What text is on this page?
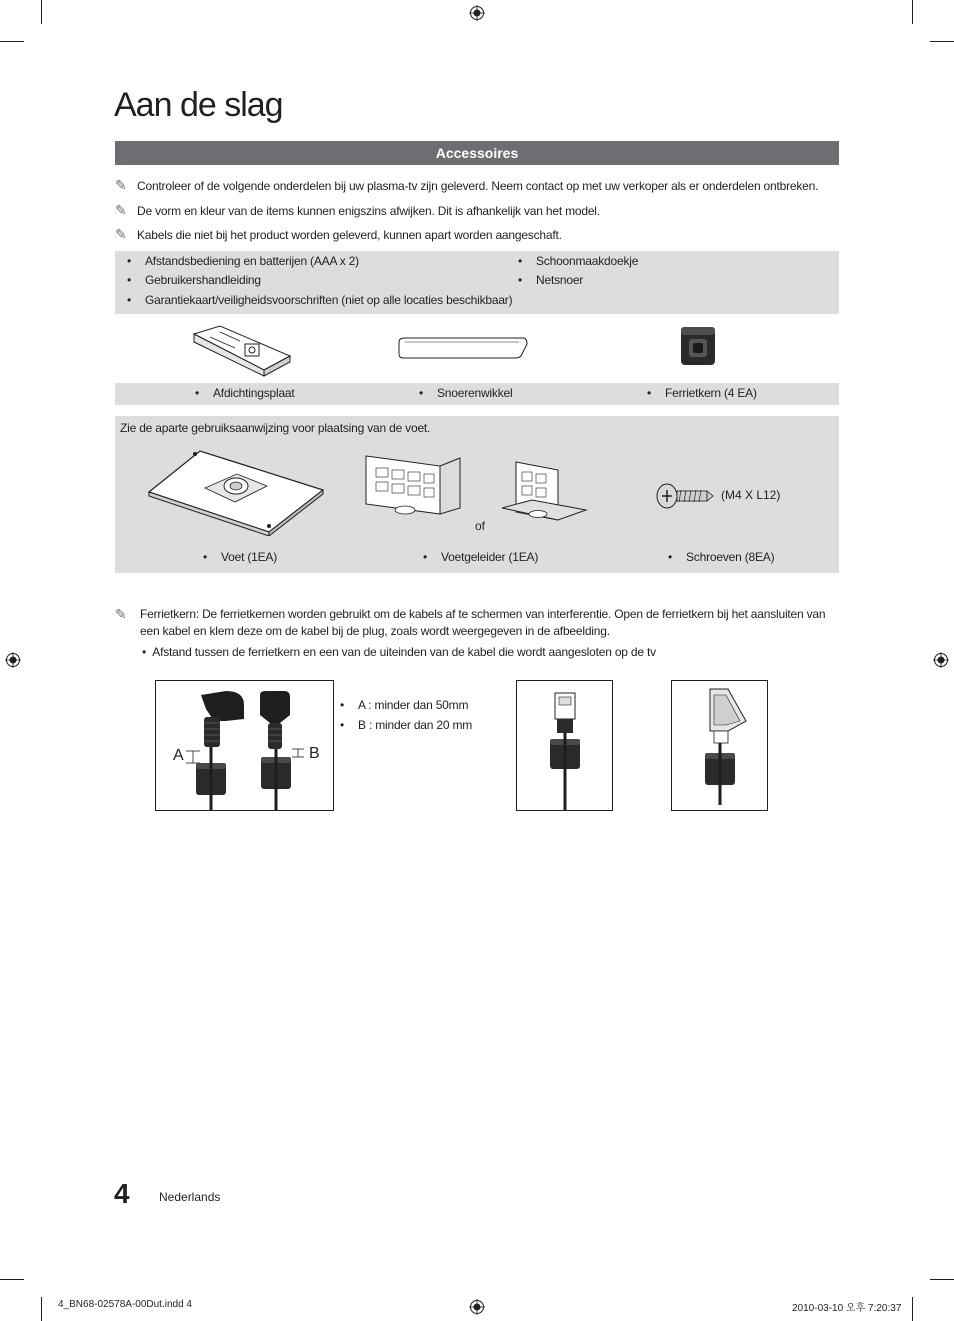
Aan de slag
Accessoires
✎ Controleer of de volgende onderdelen bij uw plasma-tv zijn geleverd. Neem contact op met uw verkoper als er onderdelen ontbreken.
✎ De vorm en kleur van de items kunnen enigszins afwijken. Dit is afhankelijk van het model.
✎ Kabels die niet bij het product worden geleverd, kunnen apart worden aangeschaft.
• Afstandsbediening en batterijen (AAA x 2)
• Gebruikershandleiding
• Garantiekaart/veiligheidsvoorschriften (niet op alle locaties beschikbaar)
• Schoonmaakdoekje
• Netsnoer
• Afdichtingsplaat	• Snoerenwikkel	• Ferrietkern (4 EA)
Zie de aparte gebruiksaanwijzing voor plaatsing van de voet.
of
(M4 X L12)
• Voet (1EA)	• Voetgeleider (1EA)	• Schroeven (8EA)
✎	Ferrietkern: De ferrietkernen worden gebruikt om de kabels af te schermen van interferentie. Open de ferrietkern bij het aansluiten van een kabel en klem deze om de kabel bij de plug, zoals wordt weergegeven in de afbeelding.
• Afstand tussen de ferrietkern en een van de uiteinden van de kabel die wordt aangesloten op de tv
A	B
• A : minder dan 50mm
• B : minder dan 20 mm
4 Nederlands
4_BN68-02578A-00Dut.indd 4	2010-03-10 오후 7:20:37
